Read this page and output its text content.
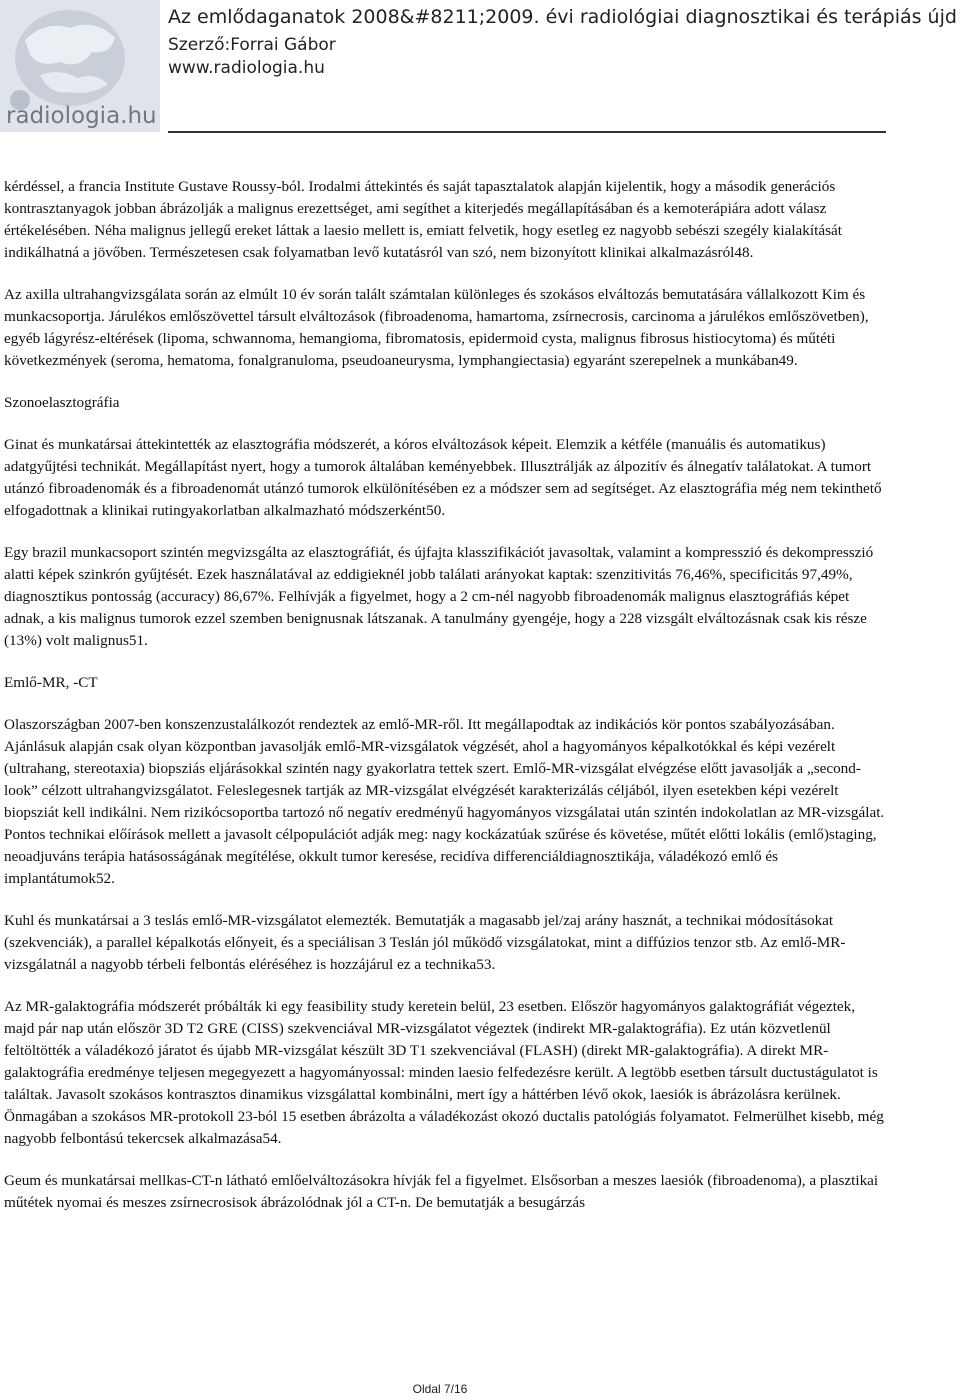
radiologia.hu
Az emlődaganatok 2008&#8211;2009. évi radiológiai diagnosztikai és terápiás újd
Szerző:Forrai Gábor
www.radiologia.hu

kérdéssel, a francia Institute Gustave Roussy-ból. Irodalmi áttekintés és saját tapasztalatok alapján kijelentik, hogy a második generációs kontrasztanyagok jobban ábrázolják a malignus erezettséget, ami segíthet a kiterjedés megállapításában és a kemoterápiára adott válasz értékelésében. Néha malignus jellegű ereket láttak a laesio mellett is, emiatt felvetik, hogy esetleg ez nagyobb sebészi szegély kialakítását indikálhatná a jövőben. Természetesen csak folyamatban levő kutatásról van szó, nem bizonyított klinikai alkalmazásról48.

Az axilla ultrahangvizsgálata során az elmúlt 10 év során talált számtalan különleges és szokásos elváltozás bemutatására vállalkozott Kim és munkacsoportja. Járulékos emlőszövettel társult elváltozások (fibroadenoma, hamartoma, zsírnecrosis, carcinoma a járulékos emlőszövetben), egyéb lágyrész-eltérések (lipoma, schwannoma, hemangioma, fibromatosis, epidermoid cysta, malignus fibrosus histiocytoma) és műtéti következmények (seroma, hematoma, fonalgranuloma, pseudoaneurysma, lymphangiectasia) egyaránt szerepelnek a munkában49.

Szonoelasztográfia

Ginat és munkatársai áttekintették az elasztográfia módszerét, a kóros elváltozások képeit. Elemzik a kétféle (manuális és automatikus) adatgyűjtési technikát. Megállapítást nyert, hogy a tumorok általában keményebbek. Illusztrálják az álpozitív és álnegatív találatokat. A tumort utánzó fibroadenomák és a fibroadenomát utánzó tumorok elkülönítésében ez a módszer sem ad segítséget. Az elasztográfia még nem tekinthető elfogadottnak a klinikai rutingyakorlatban alkalmazható módszerként50.

Egy brazil munkacsoport szintén megvizsgálta az elasztográfiát, és újfajta klasszifikációt javasoltak, valamint a kompresszió és dekompresszió alatti képek szinkrón gyűjtését. Ezek használatával az eddigieknél jobb találati arányokat kaptak: szenzitivitás 76,46%, specificitás 97,49%, diagnosztikus pontosság (accuracy) 86,67%. Felhívják a figyelmet, hogy a 2 cm-nél nagyobb fibroadenomák malignus elasztográfiás képet adnak, a kis malignus tumorok ezzel szemben benignusnak látszanak. A tanulmány gyengéje, hogy a 228 vizsgált elváltozásnak csak kis része (13%) volt malignus51.

Emlő-MR, -CT

Olaszországban 2007-ben konszenzustalálkozót rendeztek az emlő-MR-ről. Itt megállapodtak az indikációs kör pontos szabályozásában. Ajánlásuk alapján csak olyan központban javasolják emlő-MR-vizsgálatok végzését, ahol a hagyományos képalkotókkal és képi vezérelt (ultrahang, stereotaxia) biopsziás eljárásokkal szintén nagy gyakorlatra tettek szert. Emlő-MR-vizsgálat elvégzése előtt javasolják a „second-look” célzott ultrahangvizsgálatot. Feleslegesnek tartják az MR-vizsgálat elvégzését karakterizálás céljából, ilyen esetekben képi vezérelt biopsziát kell indikálni. Nem rizikócsoportba tartozó nő negatív eredményű hagyományos vizsgálatai után szintén indokolatlan az MR-vizsgálat. Pontos technikai előírások mellett a javasolt célpopulációt adják meg: nagy kockázatúak szűrése és követése, műtét előtti lokális (emlő)staging, neoadjuváns terápia hatásosságának megítélése, okkult tumor keresése, recidíva differenciáldiagnosztikája, váladékozó emlő és implantátumok52.

Kuhl és munkatársai a 3 teslás emlő-MR-vizsgálatot elemezték. Bemutatják a magasabb jel/zaj arány hasznát, a technikai módosításokat (szekvenciák), a parallel képalkotás előnyeit, és a speciálisan 3 Teslán jól működő vizsgálatokat, mint a diffúzios tenzor stb. Az emlő-MR-vizsgálatnál a nagyobb térbeli felbontás eléréséhez is hozzájárul ez a technika53.

Az MR-galaktográfia módszerét próbálták ki egy feasibility study keretein belül, 23 esetben. Először hagyományos galaktográfiát végeztek, majd pár nap után először 3D T2 GRE (CISS) szekvenciával MR-vizsgálatot végeztek (indirekt MR-galaktográfia). Ez után közvetlenül feltöltötték a váladékozó járatot és újabb MR-vizsgálat készült 3D T1 szekvenciával (FLASH) (direkt MR-galaktográfia). A direkt MR-galaktográfia eredménye teljesen megegyezett a hagyományossal: minden laesio felfedezésre került. A legtöbb esetben társult ductustágulatot is találtak. Javasolt szokásos kontrasztos dinamikus vizsgálattal kombinálni, mert így a háttérben lévő okok, laesiók is ábrázolásra kerülnek. Önmagában a szokásos MR-protokoll 23-ból 15 esetben ábrázolta a váladékozást okozó ductalis patológiás folyamatot. Felmerülhet kisebb, még nagyobb felbontású tekercsek alkalmazása54.

Geum és munkatársai mellkas-CT-n látható emlőelváltozásokra hívják fel a figyelmet. Elsősorban a meszes laesiók (fibroadenoma), a plasztikai műtétek nyomai és meszes zsírnecrosisok ábrázolódnak jól a CT-n. De bemutatják a besugárzás

Oldal 7/16
